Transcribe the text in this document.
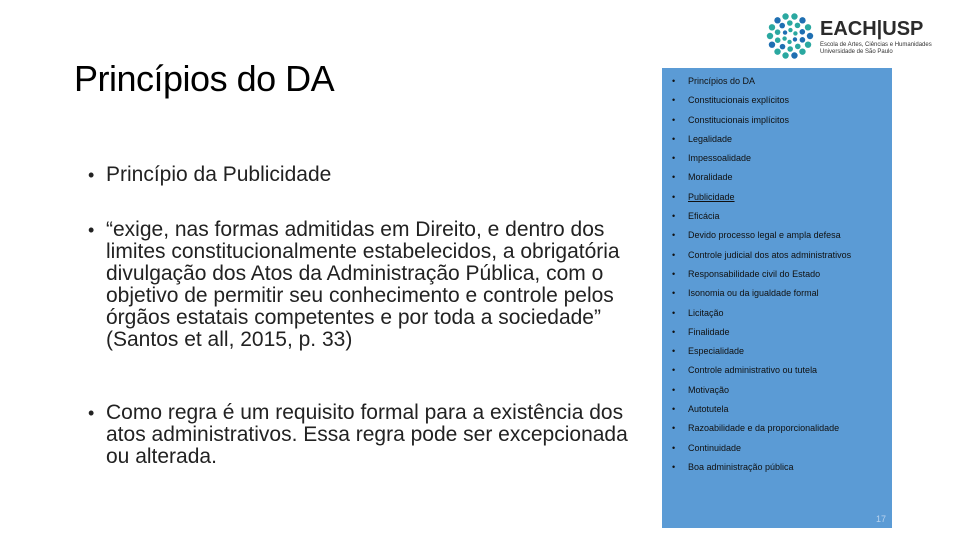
Princípios do DA
• Princípio da Publicidade
• “exige, nas formas admitidas em Direito, e dentro dos limites constitucionalmente estabelecidos, a obrigatória divulgação dos Atos da Administração Pública, com o objetivo de permitir seu conhecimento e controle pelos órgãos estatais competentes e por toda a sociedade” (Santos et all, 2015, p. 33)
• Como regra é um requisito formal para a existência dos atos administrativos. Essa regra pode ser excepcionada ou alterada.
EACH|USP
Escola de Artes, Ciências e Humanidades Universidade de São Paulo
• Princípios do DA
• Constitucionais explícitos
• Constitucionais implícitos
• Legalidade
• Impessoalidade
• Moralidade
• Publicidade
• Eficácia
• Devido processo legal e ampla defesa
• Controle judicial dos atos administrativos
• Responsabilidade civil do Estado
• Isonomia ou da igualdade formal
• Licitação
• Finalidade
• Especialidade
• Controle administrativo ou tutela
• Motivação
• Autotutela
• Razoabilidade e da proporcionalidade
• Continuidade
• Boa administração pública
17
